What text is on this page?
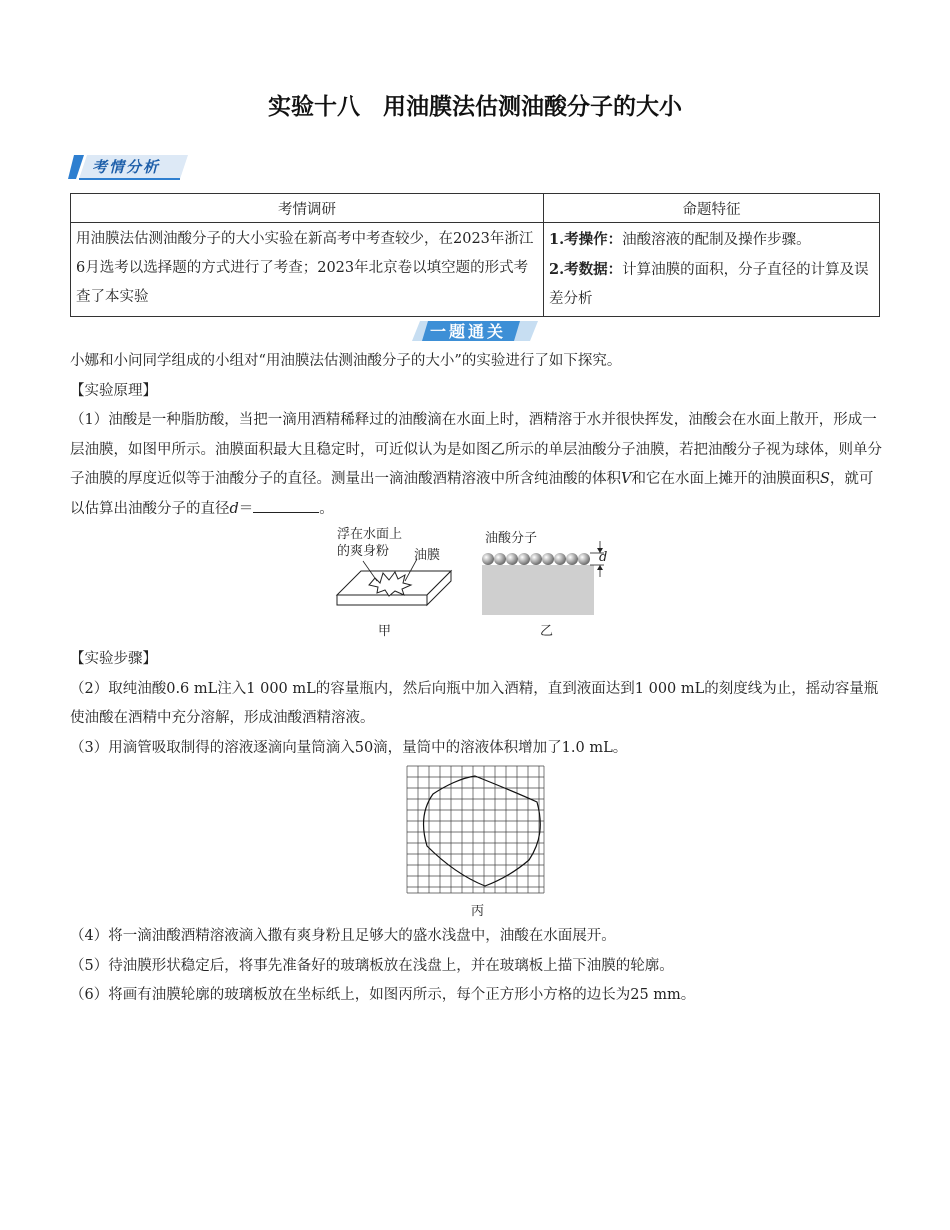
实验十八　用油膜法估测油酸分子的大小
考情分析
考情调研	命题特征
用油膜法估测油酸分子的大小实验在新高考中考查较少，在2023年浙江6月选考以选择题的方式进行了考查；2023年北京卷以填空题的形式考查了本实验	1.考操作：油酸溶液的配制及操作步骤。
2.考数据：计算油膜的面积，分子直径的计算及误差分析
一题通关

小娜和小问同学组成的小组对“用油膜法估测油酸分子的大小”的实验进行了如下探究。

【实验原理】

（1）油酸是一种脂肪酸，当把一滴用酒精稀释过的油酸滴在水面上时，酒精溶于水并很快挥发，油酸会在水面上散开，形成一层油膜，如图甲所示。油膜面积最大且稳定时，可近似认为是如图乙所示的单层油酸分子油膜，若把油酸分子视为球体，则单分子油膜的厚度近似等于油酸分子的直径。测量出一滴油酸酒精溶液中所含纯油酸的体积V和它在水面上摊开的油膜面积S，就可以估算出油酸分子的直径d＝	。

浮在水面上
的爽身粉 油膜
甲
油酸分子
d
乙

【实验步骤】

（2）取纯油酸0.6 mL注入1 000 mL的容量瓶内，然后向瓶中加入酒精，直到液面达到1 000 mL的刻度线为止，摇动容量瓶使油酸在酒精中充分溶解，形成油酸酒精溶液。

（3）用滴管吸取制得的溶液逐滴向量筒滴入50滴，量筒中的溶液体积增加了1.0 mL。

丙

（4）将一滴油酸酒精溶液滴入撒有爽身粉且足够大的盛水浅盘中，油酸在水面展开。

（5）待油膜形状稳定后，将事先准备好的玻璃板放在浅盘上，并在玻璃板上描下油膜的轮廓。

（6）将画有油膜轮廓的玻璃板放在坐标纸上，如图丙所示，每个正方形小方格的边长为25 mm。
